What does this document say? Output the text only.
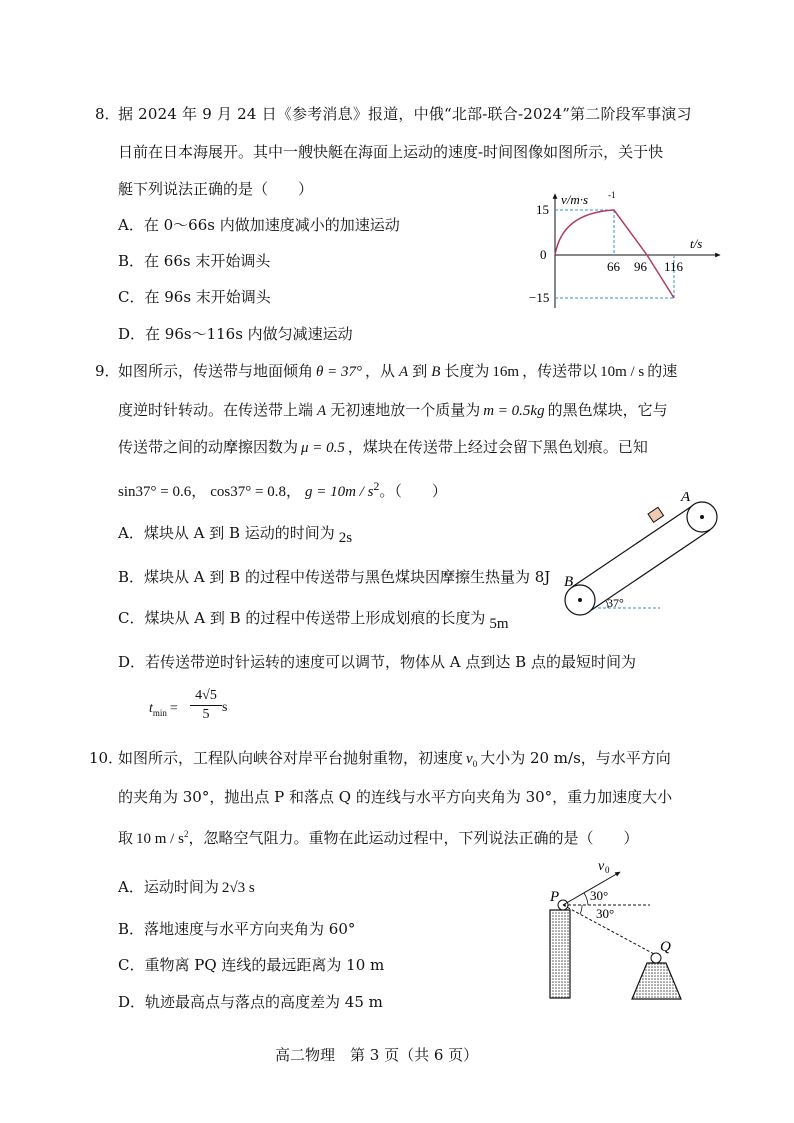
8．
据 2024 年 9 月 24 日《参考消息》报道，中俄“北部-联合-2024”第二阶段军事演习
日前在日本海展开。其中一艘快艇在海面上运动的速度-时间图像如图所示，关于快
艇下列说法正确的是（　　）
A．在 0～66s 内做加速度减小的加速运动
B．在 66s 末开始调头
C．在 96s 末开始调头
D．在 96s～116s 内做匀减速运动
v/m·s -1
t/s
0
15
−15
66 96 116
9．
如图所示，传送带与地面倾角 θ = 37° ，从 A 到 B 长度为 16m ，传送带以 10m / s 的速
度逆时针转动。在传送带上端 A 无初速地放一个质量为 m = 0.5kg 的黑色煤块，它与
传送带之间的动摩擦因数为 μ = 0.5 ，煤块在传送带上经过会留下黑色划痕。已知
sin37° = 0.6， cos37° = 0.8， $g = 10m / s^2$。（　　）
A．煤块从 A 到 B 运动的时间为 2s
B．煤块从 A 到 B 的过程中传送带与黑色煤块因摩擦生热量为 8J
C．煤块从 A 到 B 的过程中传送带上形成划痕的长度为 5m
D．若传送带逆时针运转的速度可以调节，物体从 A 点到达 B 点的最短时间为
$t_{min} = \frac{4√5}{5}$ s
37°
A
B
10．
如图所示，工程队向峡谷对岸平台抛射重物，初速度 $v_0$ 大小为 20 m/s，与水平方向
的夹角为 30°，抛出点 P 和落点 Q 的连线与水平方向夹角为 30°，重力加速度大小
取 10 m / $s^2$，忽略空气阻力。重物在此运动过程中，下列说法正确的是（　　）
A．运动时间为 2√3 s
B．落地速度与水平方向夹角为 60°
C．重物离 PQ 连线的最远距离为 10 m
D．轨迹最高点与落点的高度差为 45 m
v 0
P
Q
30°
30°
高二物理　第 3 页（共 6 页）
